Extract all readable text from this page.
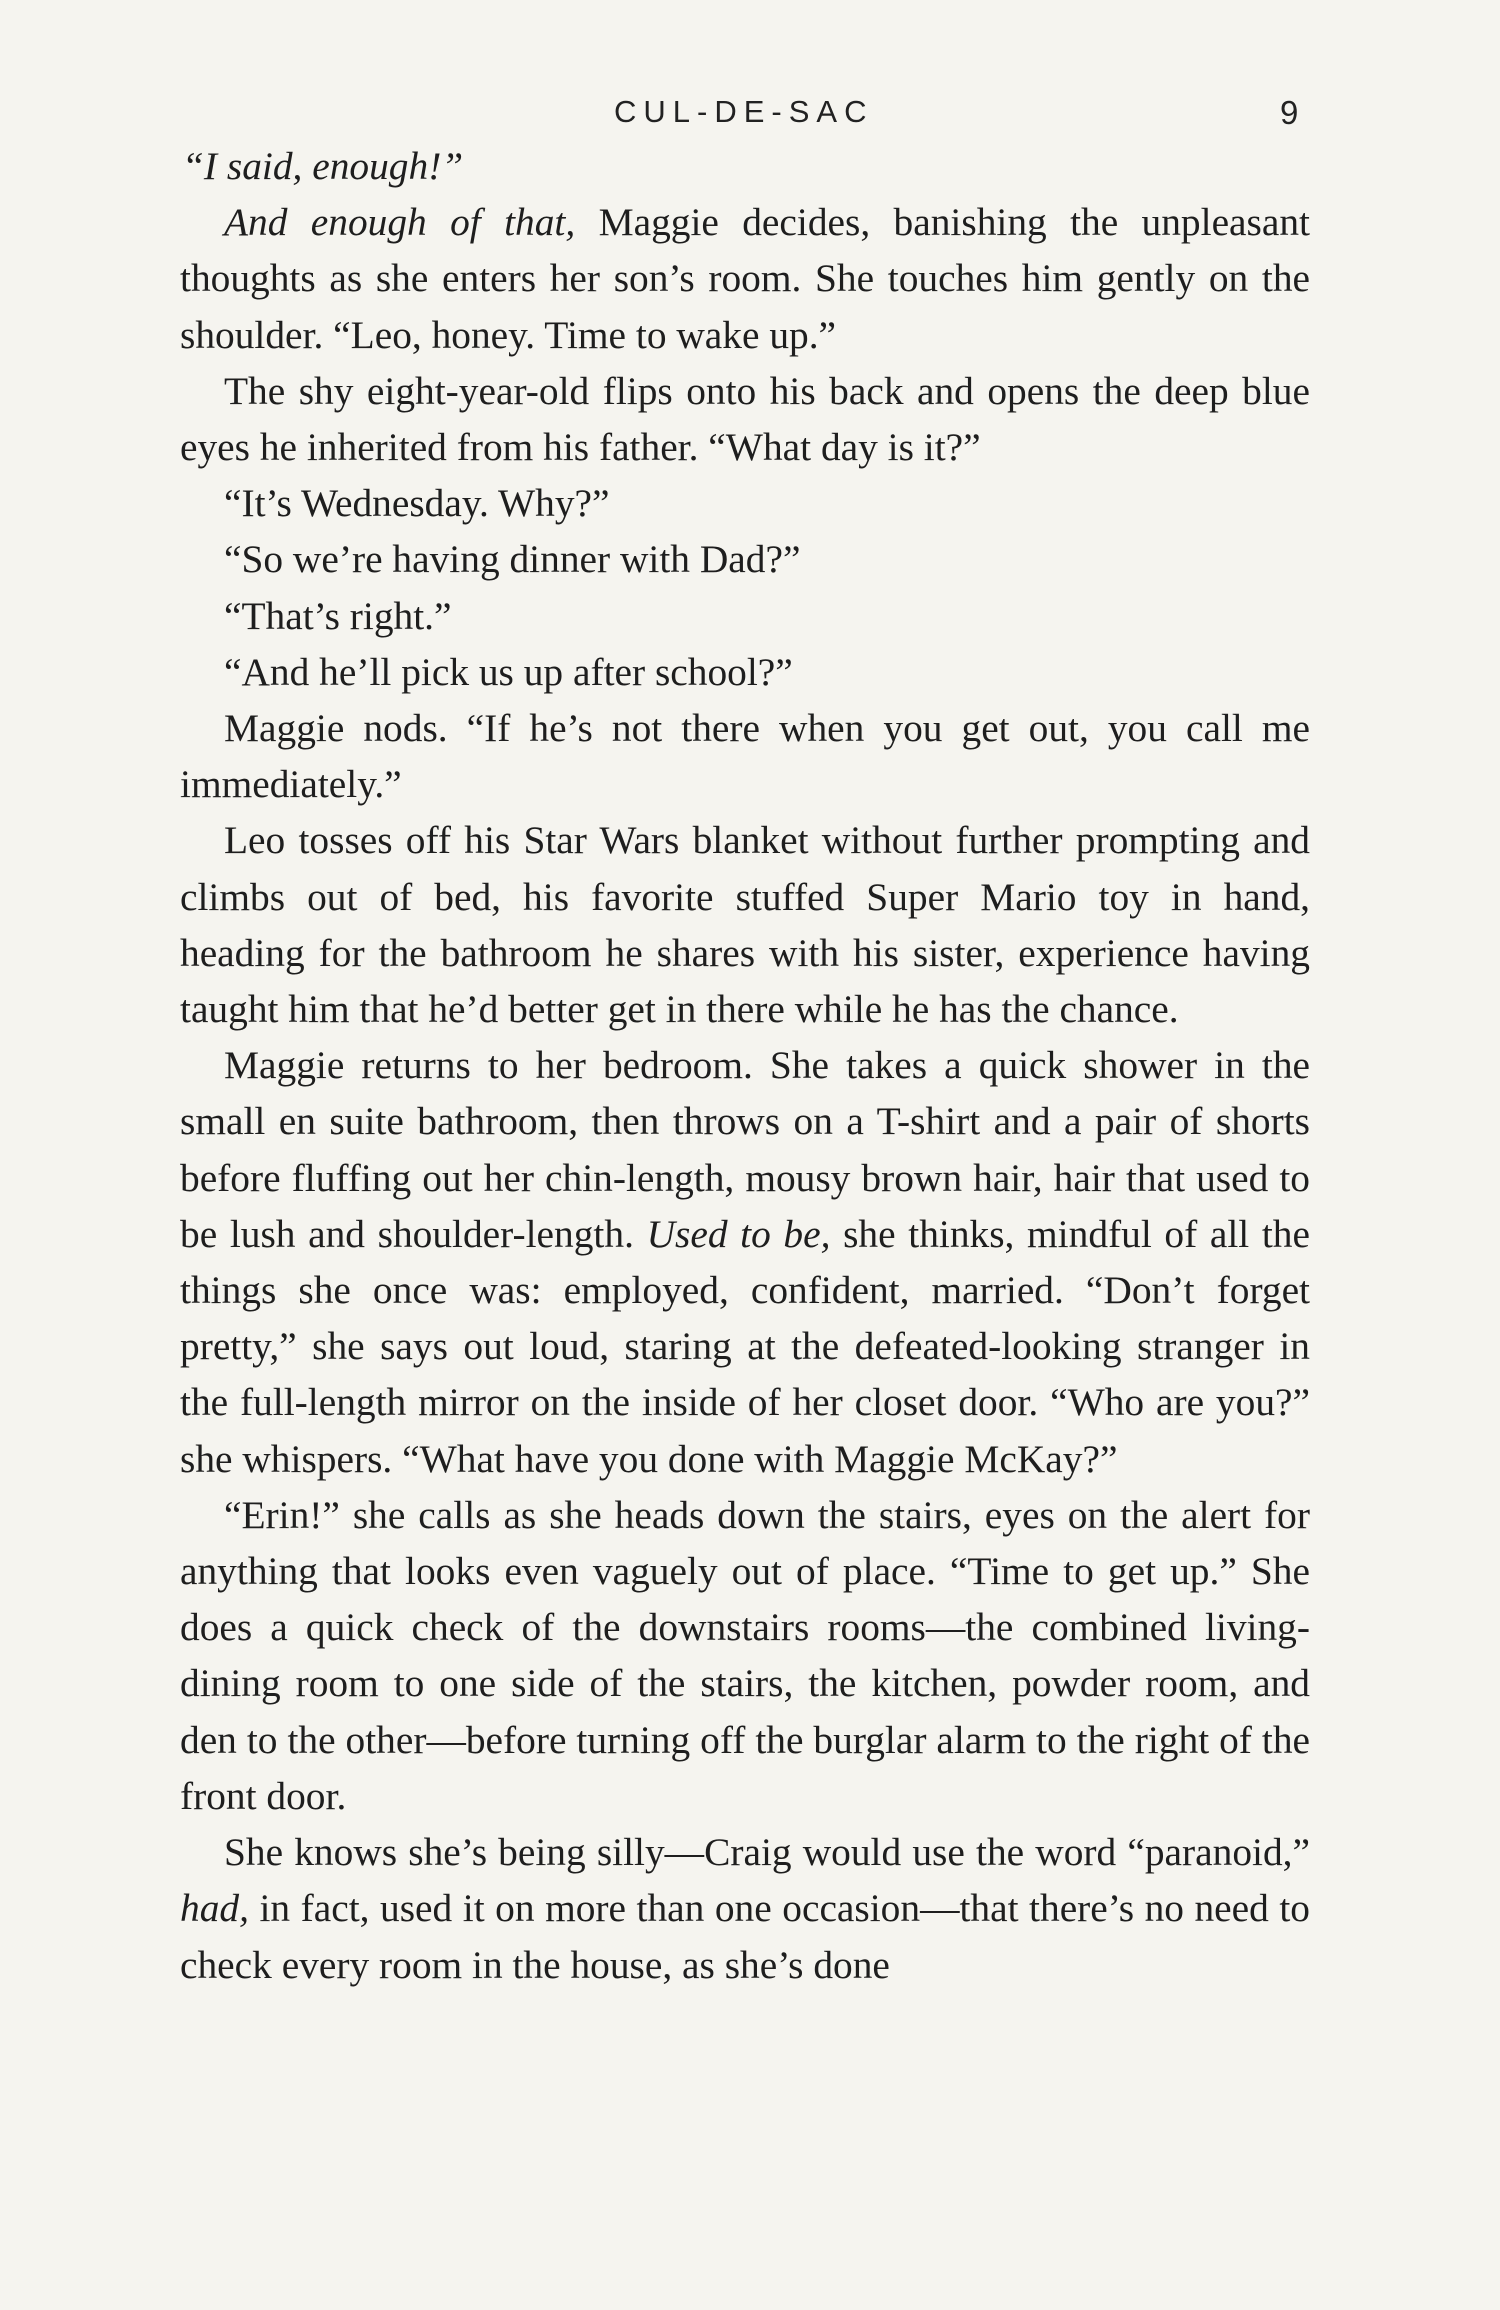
CUL-DE-SAC	9

“I said, enough!”

And enough of that, Maggie decides, banishing the unpleasant thoughts as she enters her son’s room. She touches him gently on the shoulder. “Leo, honey. Time to wake up.”

The shy eight-year-old flips onto his back and opens the deep blue eyes he inherited from his father. “What day is it?”

“It’s Wednesday. Why?”

“So we’re having dinner with Dad?”

“That’s right.”

“And he’ll pick us up after school?”

Maggie nods. “If he’s not there when you get out, you call me immediately.”

Leo tosses off his Star Wars blanket without further prompting and climbs out of bed, his favorite stuffed Super Mario toy in hand, heading for the bathroom he shares with his sister, experience having taught him that he’d better get in there while he has the chance.

Maggie returns to her bedroom. She takes a quick shower in the small en suite bathroom, then throws on a T-shirt and a pair of shorts before fluffing out her chin-length, mousy brown hair, hair that used to be lush and shoulder-length. Used to be, she thinks, mindful of all the things she once was: employed, confident, married. “Don’t forget pretty,” she says out loud, staring at the defeated-looking stranger in the full-length mirror on the inside of her closet door. “Who are you?” she whispers. “What have you done with Maggie McKay?”

“Erin!” she calls as she heads down the stairs, eyes on the alert for anything that looks even vaguely out of place. “Time to get up.” She does a quick check of the downstairs rooms—the combined living-dining room to one side of the stairs, the kitchen, powder room, and den to the other—before turning off the burglar alarm to the right of the front door.

She knows she’s being silly—Craig would use the word “paranoid,” had, in fact, used it on more than one occasion—that there’s no need to check every room in the house, as she’s done
